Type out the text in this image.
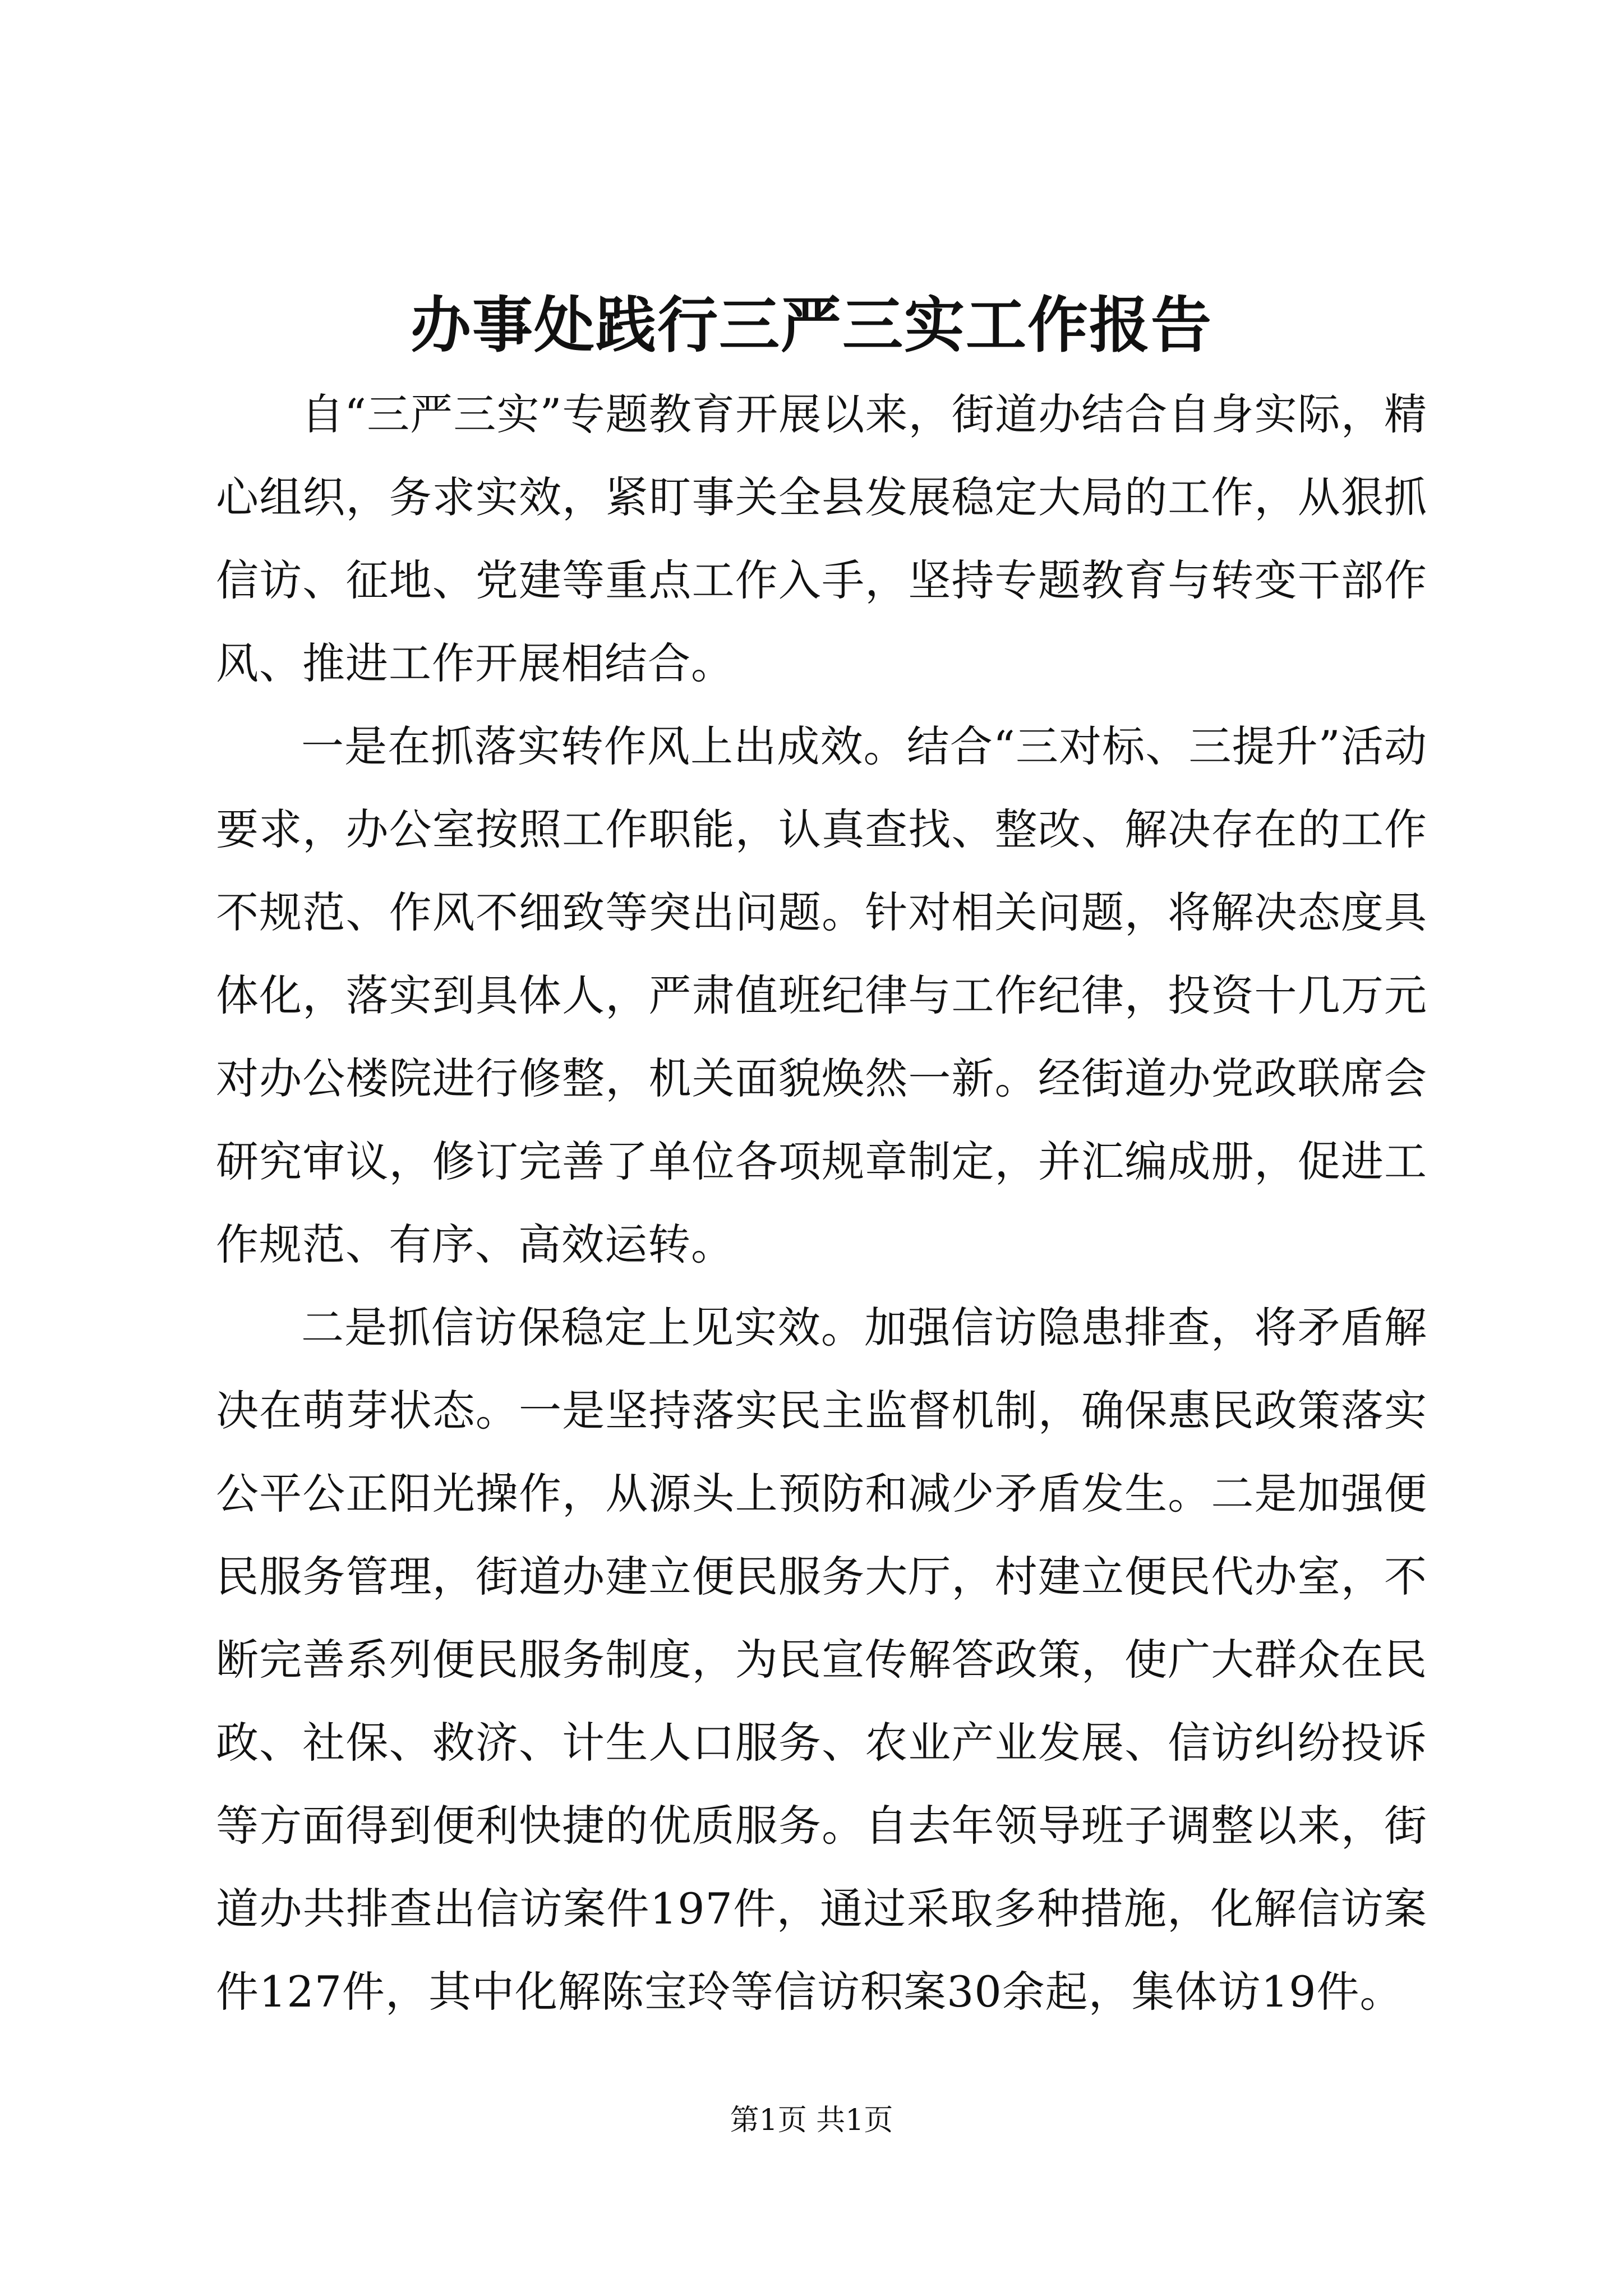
办事处践行三严三实工作报告

自“三严三实”专题教育开展以来，街道办结合自身实际，精心组织，务求实效，紧盯事关全县发展稳定大局的工作，从狠抓信访、征地、党建等重点工作入手，坚持专题教育与转变干部作风、推进工作开展相结合。

一是在抓落实转作风上出成效。结合“三对标、三提升”活动要求，办公室按照工作职能，认真查找、整改、解决存在的工作不规范、作风不细致等突出问题。针对相关问题，将解决态度具体化，落实到具体人，严肃值班纪律与工作纪律，投资十几万元对办公楼院进行修整，机关面貌焕然一新。经街道办党政联席会研究审议，修订完善了单位各项规章制定，并汇编成册，促进工作规范、有序、高效运转。

二是抓信访保稳定上见实效。加强信访隐患排查，将矛盾解决在萌芽状态。一是坚持落实民主监督机制，确保惠民政策落实公平公正阳光操作，从源头上预防和减少矛盾发生。二是加强便民服务管理，街道办建立便民服务大厅，村建立便民代办室，不断完善系列便民服务制度，为民宣传解答政策，使广大群众在民政、社保、救济、计生人口服务、农业产业发展、信访纠纷投诉等方面得到便利快捷的优质服务。自去年领导班子调整以来，街道办共排查出信访案件197件，通过采取多种措施，化解信访案件127件，其中化解陈宝玲等信访积案30余起，集体访19件。

第1页 共1页
